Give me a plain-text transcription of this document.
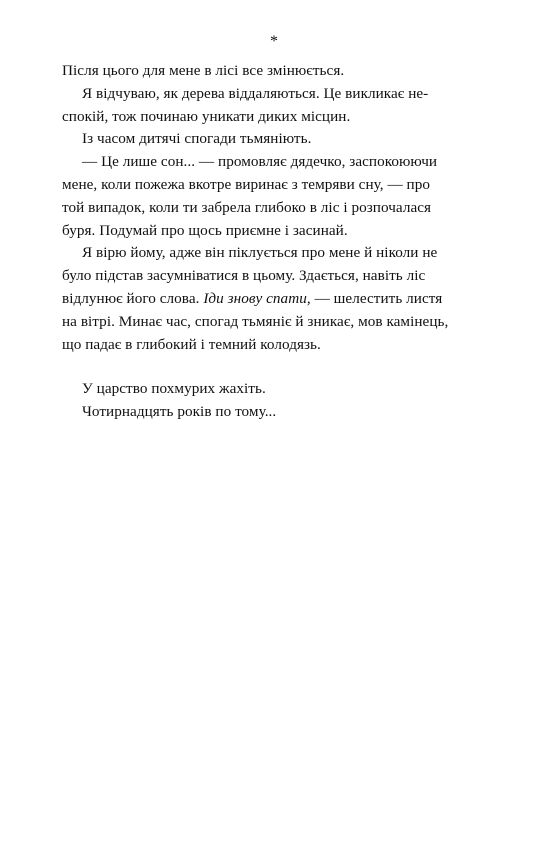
*
Після цього для мене в лісі все змінюється.
Я відчуваю, як дерева віддаляються. Це викликає не-
спокій, тож починаю уникати диких місцин.
Із часом дитячі спогади тьмяніють.
— Це лише сон... — промовляє дядечко, заспокоюючи
мене, коли пожежа вкотре виринає з темряви сну, — про
той випадок, коли ти забрела глибоко в ліс і розпочалася
буря. Подумай про щось приємне і засинай.
Я вірю йому, адже він піклується про мене й ніколи не
було підстав засумніватися в цьому. Здається, навіть ліс
відлунює його слова. Іди знову спати, — шелестить листя
на вітрі. Минає час, спогад тьмяніє й зникає, мов камінець,
що падає в глибокий і темний колодязь.
У царство похмурих жахіть.
Чотирнадцять років по тому...
